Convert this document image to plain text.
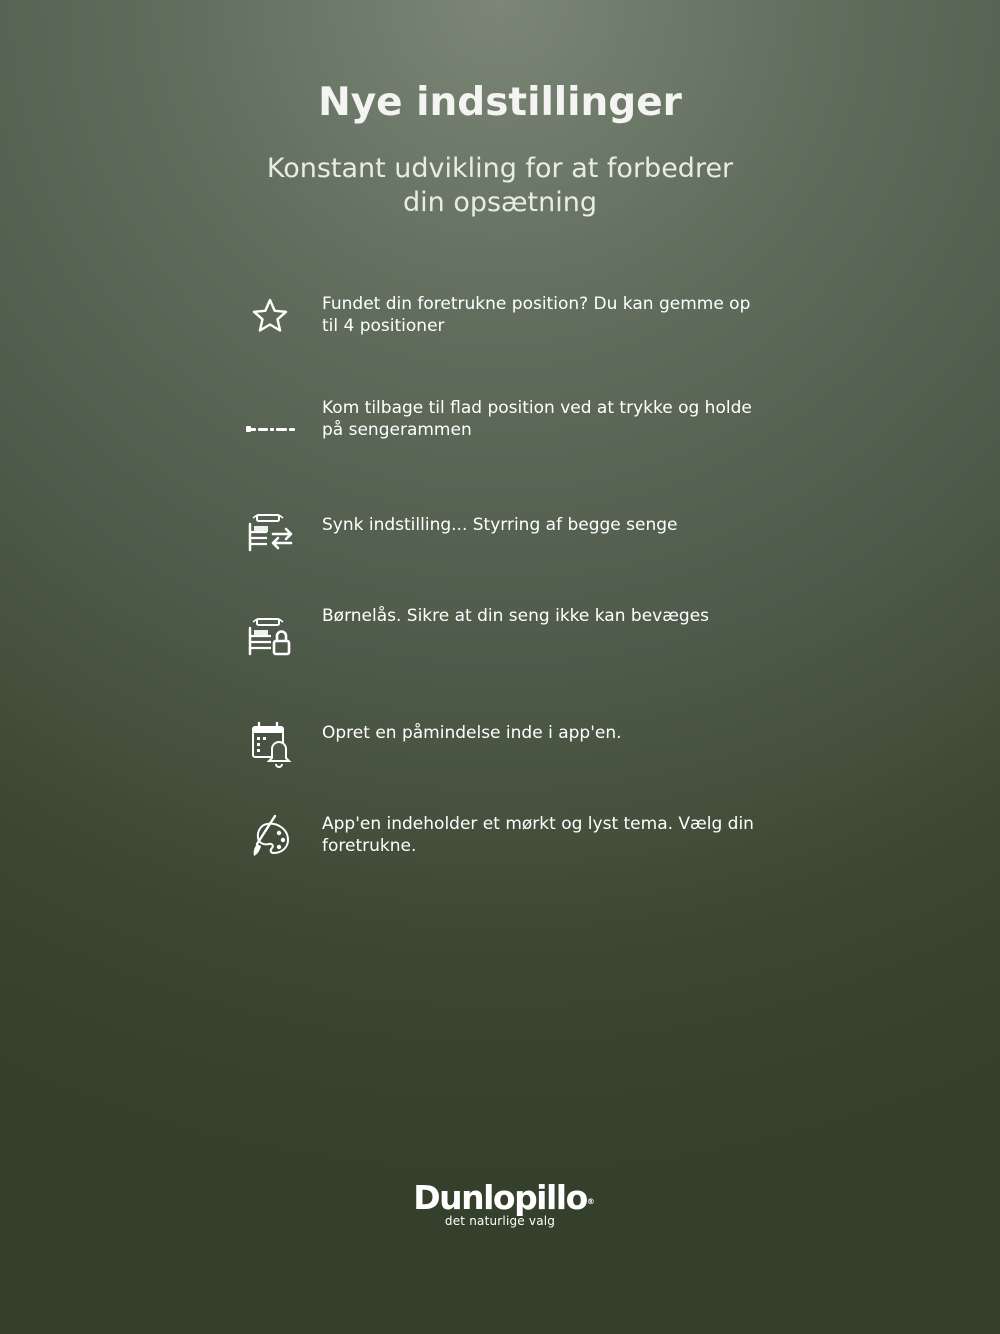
Nye indstillinger
Konstant udvikling for at forbedrer din opsætning
Fundet din foretrukne position? Du kan gemme op til 4 positioner
Kom tilbage til flad position ved at trykke og holde på sengerammen
Synk indstilling... Styrring af begge senge
Børnelås. Sikre at din seng ikke kan bevæges
Opret en påmindelse inde i app'en.
App'en indeholder et mørkt og lyst tema. Vælg din foretrukne.
Dunlopillo ®
det naturlige valg
